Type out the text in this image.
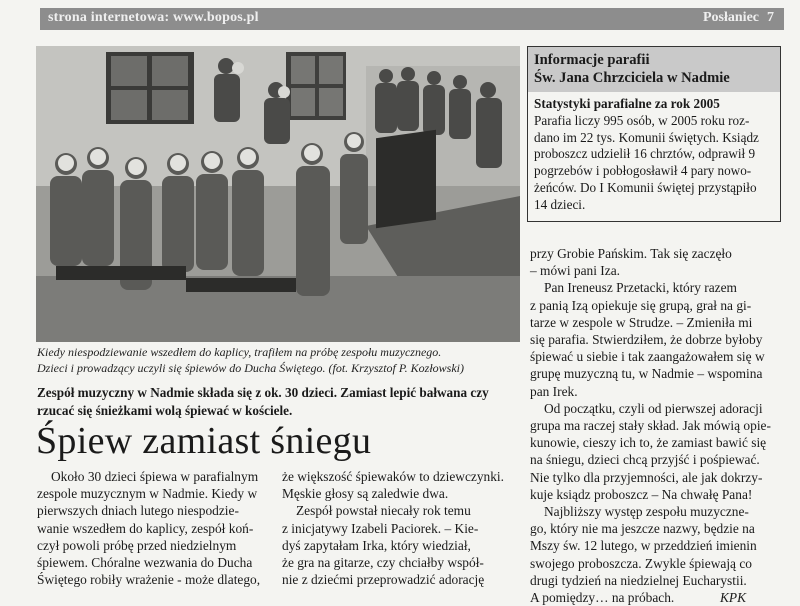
strona internetowa: www.bopos.pl	Posłaniec 7
Kiedy niespodziewanie wszedłem do kaplicy, trafiłem na próbę zespołu muzycznego.
Dzieci i prowadzący uczyli się śpiewów do Ducha Świętego. (fot. Krzysztof P. Kozłowski)
Zespół muzyczny w Nadmie składa się z ok. 30 dzieci. Zamiast lepić bałwana czy
rzucać się śnieżkami wolą śpiewać w kościele.
Śpiew zamiast śniegu
Około 30 dzieci śpiewa w parafialnym
zespole muzycznym w Nadmie. Kiedy w
pierwszych dniach lutego niespodzie-
wanie wszedłem do kaplicy, zespół koń-
czył powoli próbę przed niedzielnym
śpiewem. Chóralne wezwania do Ducha
Świętego robiły wrażenie - może dlatego,
że większość śpiewaków to dziewczynki.
Męskie głosy są zaledwie dwa.
Zespół powstał niecały rok temu
z inicjatywy Izabeli Paciorek. – Kie-
dyś zapytałam Irka, który wiedział,
że gra na gitarze, czy chciałby współ-
nie z dziećmi przeprowadzić adorację
Informacje parafii
Św. Jana Chrzciciela w Nadmie
Statystyki parafialne za rok 2005
Parafia liczy 995 osób, w 2005 roku roz-
dano im 22 tys. Komunii świętych. Ksiądz
proboszcz udzielił 16 chrztów, odprawił 9
pogrzebów i pobłogosławił 4 pary nowo-
żeńców. Do I Komunii świętej przystąpiło
14 dzieci.
przy Grobie Pańskim. Tak się zaczęło
– mówi pani Iza.
Pan Ireneusz Przetacki, który razem
z panią Izą opiekuje się grupą, grał na gi-
tarze w zespole w Strudze. – Zmieniła mi
się parafia. Stwierdziłem, że dobrze byłoby
śpiewać u siebie i tak zaangażowałem się w
grupę muzyczną tu, w Nadmie – wspomina
pan Irek.
Od początku, czyli od pierwszej adoracji
grupa ma raczej stały skład. Jak mówią opie-
kunowie, cieszy ich to, że zamiast bawić się
na śniegu, dzieci chcą przyjść i pośpiewać.
Nie tylko dla przyjemności, ale jak dokrzy-
kuje ksiądz proboszcz – Na chwałę Pana!
Najbliższy występ zespołu muzyczne-
go, który nie ma jeszcze nazwy, będzie na
Mszy św. 12 lutego, w przeddzień imienin
swojego proboszcza. Zwykle śpiewają co
drugi tydzień na niedzielnej Eucharystii.
A pomiędzy… na próbach.	KPK
